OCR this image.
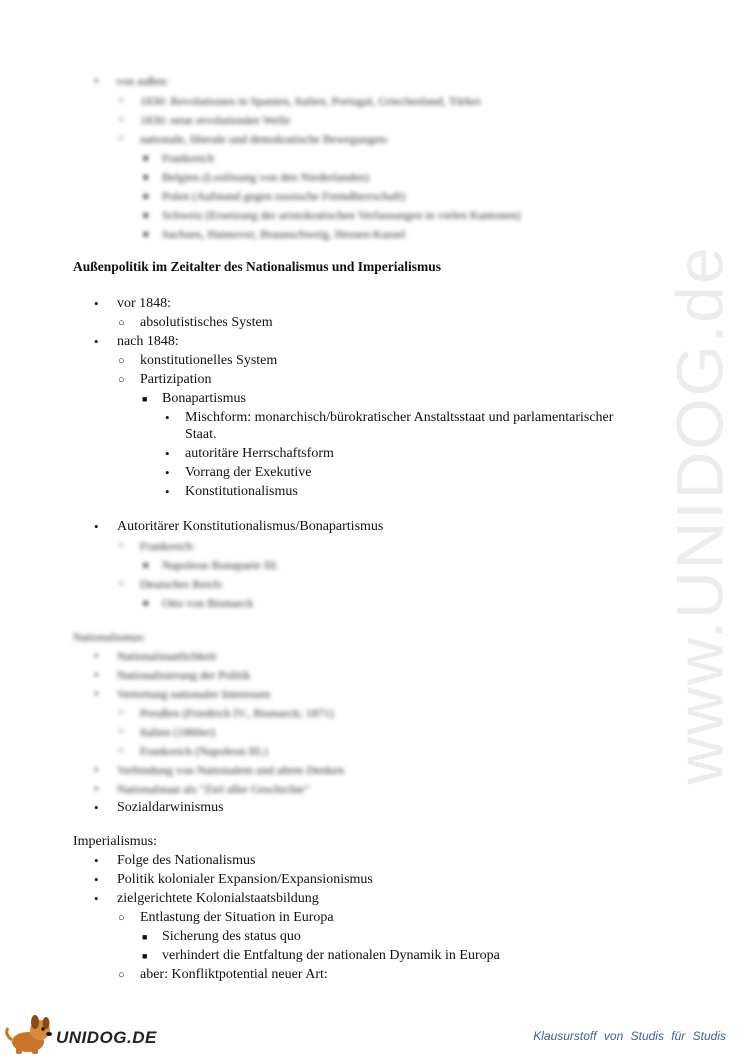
www.UNIDOG.de
• von außen:
○ 1830: Revolutionen in Spanien, Italien, Portugal, Griechenland, Türkei
○ 1830: neue revolutionäre Welle
○ nationale, liberale und demokratische Bewegungen:
■ Frankreich
■ Belgien (Loslösung von den Niederlanden)
■ Polen (Aufstand gegen russische Fremdherrschaft)
■ Schweiz (Ersetzung der aristokratischen Verfassungen in vielen Kantonen)
■ Sachsen, Hannover, Braunschweig, Hessen-Kassel
Außenpolitik im Zeitalter des Nationalismus und Imperialismus
• vor 1848:
○ absolutistisches System
• nach 1848:
○ konstitutionelles System
○ Partizipation
■ Bonapartismus
• Mischform: monarchisch/bürokratischer Anstaltsstaat und parlamentarischer
Staat.
• autoritäre Herrschaftsform
• Vorrang der Exekutive
• Konstitutionalismus
• Autoritärer Konstitutionalismus/Bonapartismus
○ Frankreich:
■ Napoleon Bonaparte III.
○ Deutsches Reich:
■ Otto von Bismarck
Nationalismus:
• Nationalstaatlichkeit
• Nationalisierung der Politik
• Vertretung nationaler Interessen
○ Preußen (Friedrich IV., Bismarck; 1871)
○ Italien (1860er)
○ Frankreich (Napoleon III.)
• Verbindung von Nationalem und altem Denken
• Nationalstaat als "Ziel aller Geschichte"
• Sozialdarwinismus
Imperialismus:
• Folge des Nationalismus
• Politik kolonialer Expansion/Expansionismus
• zielgerichtete Kolonialstaatsbildung
○ Entlastung der Situation in Europa
■ Sicherung des status quo
■ verhindert die Entfaltung der nationalen Dynamik in Europa
○ aber: Konfliktpotential neuer Art:
UNIDOG.DE	Klausurstoff von Studis für Studis
